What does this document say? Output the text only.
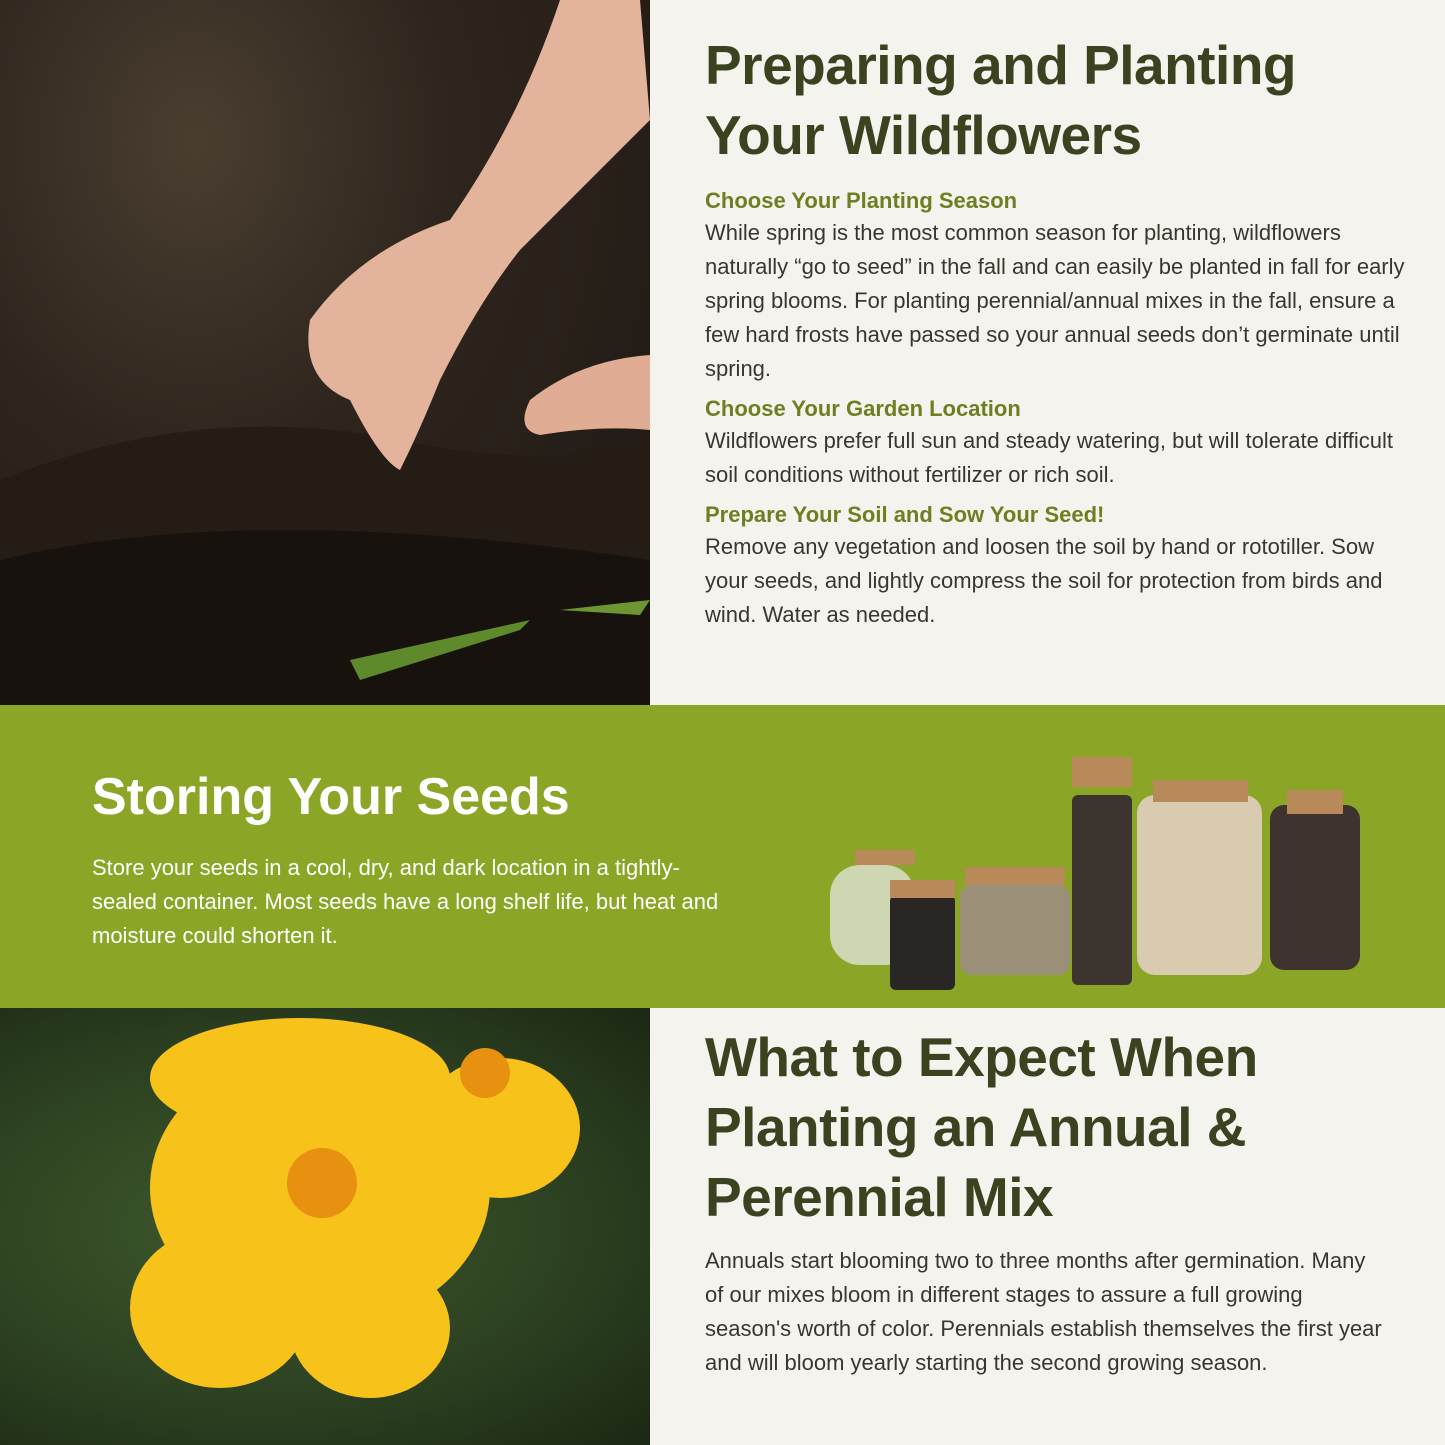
Preparing and Planting Your Wildflowers
Choose Your Planting Season

While spring is the most common season for planting, wildflowers naturally “go to seed” in the fall and can easily be planted in fall for early spring blooms. For planting perennial/annual mixes in the fall, ensure a few hard frosts have passed so your annual seeds don’t germinate until spring.

Choose Your Garden Location

Wildflowers prefer full sun and steady watering, but will tolerate difficult soil conditions without fertilizer or rich soil.

Prepare Your Soil and Sow Your Seed!

Remove any vegetation and loosen the soil by hand or rototiller. Sow your seeds, and lightly compress the soil for protection from birds and wind. Water as needed.

Storing Your Seeds

Store your seeds in a cool, dry, and dark location in a tightly-sealed container. Most seeds have a long shelf life, but heat and moisture could shorten it.

What to Expect When Planting an Annual & Perennial Mix

Annuals start blooming two to three months after germination. Many of our mixes bloom in different stages to assure a full growing season's worth of color. Perennials establish themselves the first year and will bloom yearly starting the second growing season.
